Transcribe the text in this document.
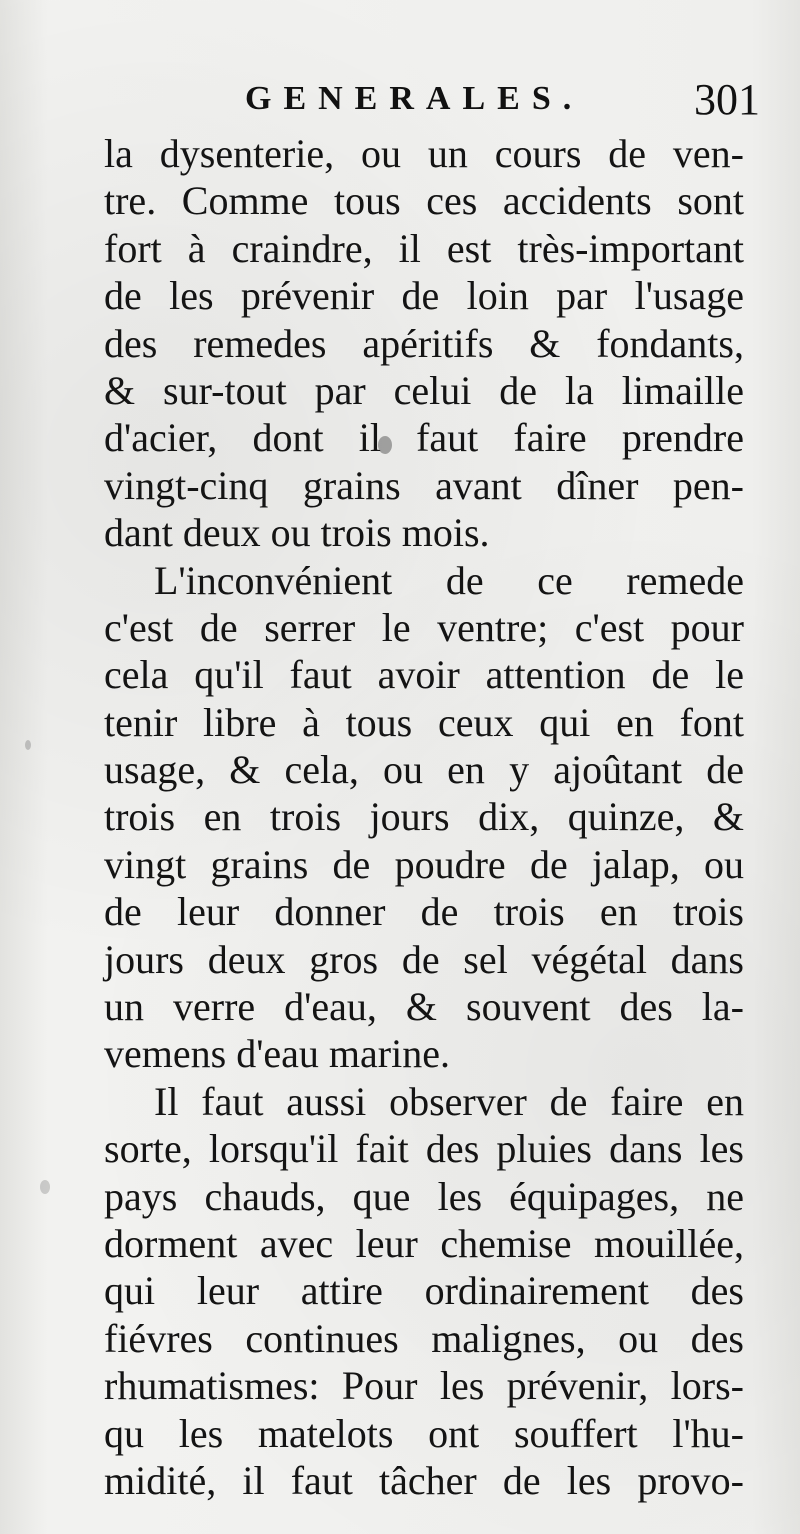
GENERALES.	301
la dysenterie, ou un cours de ven-
tre. Comme tous ces accidents sont
fort à craindre, il est très-important
de les prévenir de loin par l'usage
des remedes apéritifs & fondants,
& sur-tout par celui de la limaille
d'acier, dont il faut faire prendre
vingt-cinq grains avant dîner pen-
dant deux ou trois mois.
L'inconvénient de ce remede
c'est de serrer le ventre; c'est pour
cela qu'il faut avoir attention de le
tenir libre à tous ceux qui en font
usage, & cela, ou en y ajoûtant de
trois en trois jours dix, quinze, &
vingt grains de poudre de jalap, ou
de leur donner de trois en trois
jours deux gros de sel végétal dans
un verre d'eau, & souvent des la-
vemens d'eau marine.
Il faut aussi observer de faire en
sorte, lorsqu'il fait des pluies dans les
pays chauds, que les équipages, ne
dorment avec leur chemise mouillée,
qui leur attire ordinairement des
fiévres continues malignes, ou des
rhumatismes: Pour les prévenir, lors-
qu les matelots ont souffert l'hu-
midité, il faut tâcher de les provo-
